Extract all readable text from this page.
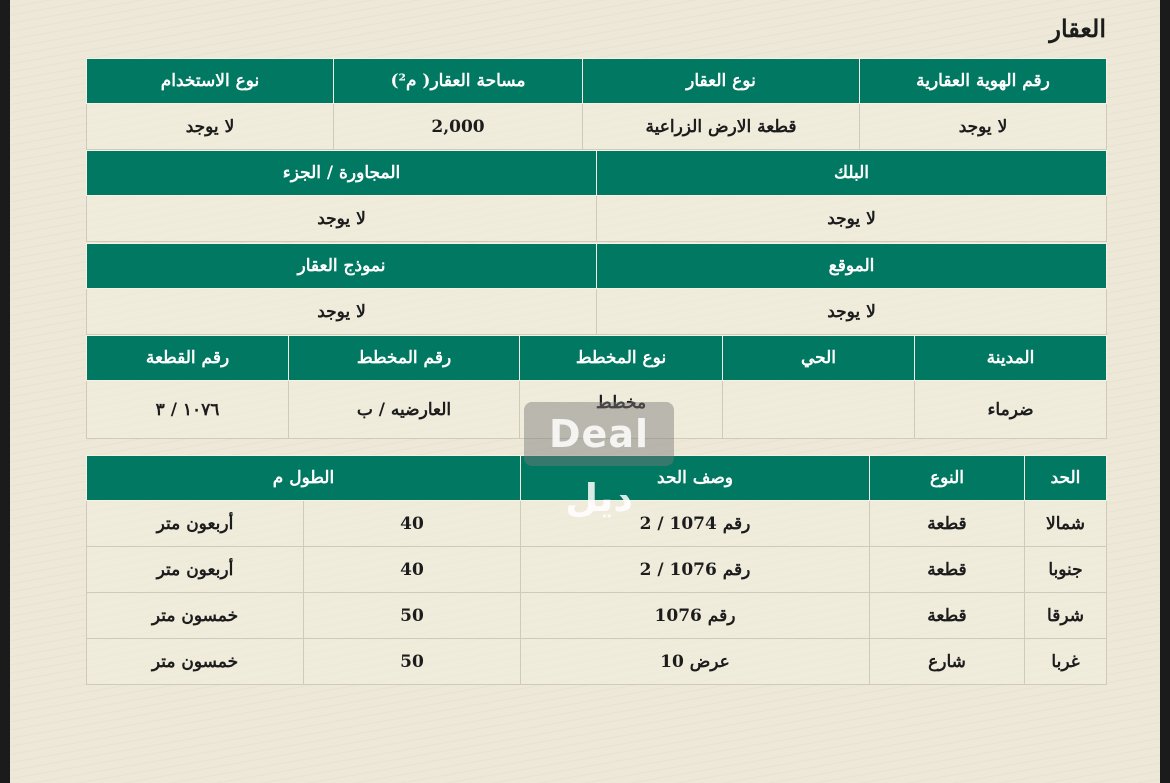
العقار
رقم الهوية العقارية	نوع العقار	مساحة العقار( م²)	نوع الاستخدام
لا يوجد	قطعة الارض الزراعية	2,000	لا يوجد
البلك	المجاورة / الجزء
لا يوجد	لا يوجد
الموقع	نموذج العقار
لا يوجد	لا يوجد
المدينة	الحي	نوع المخطط	رقم المخطط	رقم القطعة
ضرماء		مخطط	العارضيه / ب	١٠٧٦ / ٣
الحد	النوع	وصف الحد	الطول م	
شمالا	قطعة	رقم 1074 / 2	40	أربعون متر
جنوبا	قطعة	رقم 1076 / 2	40	أربعون متر
شرقا	قطعة	رقم 1076	50	خمسون متر
غربا	شارع	عرض 10	50	خمسون متر
Deal ديل
